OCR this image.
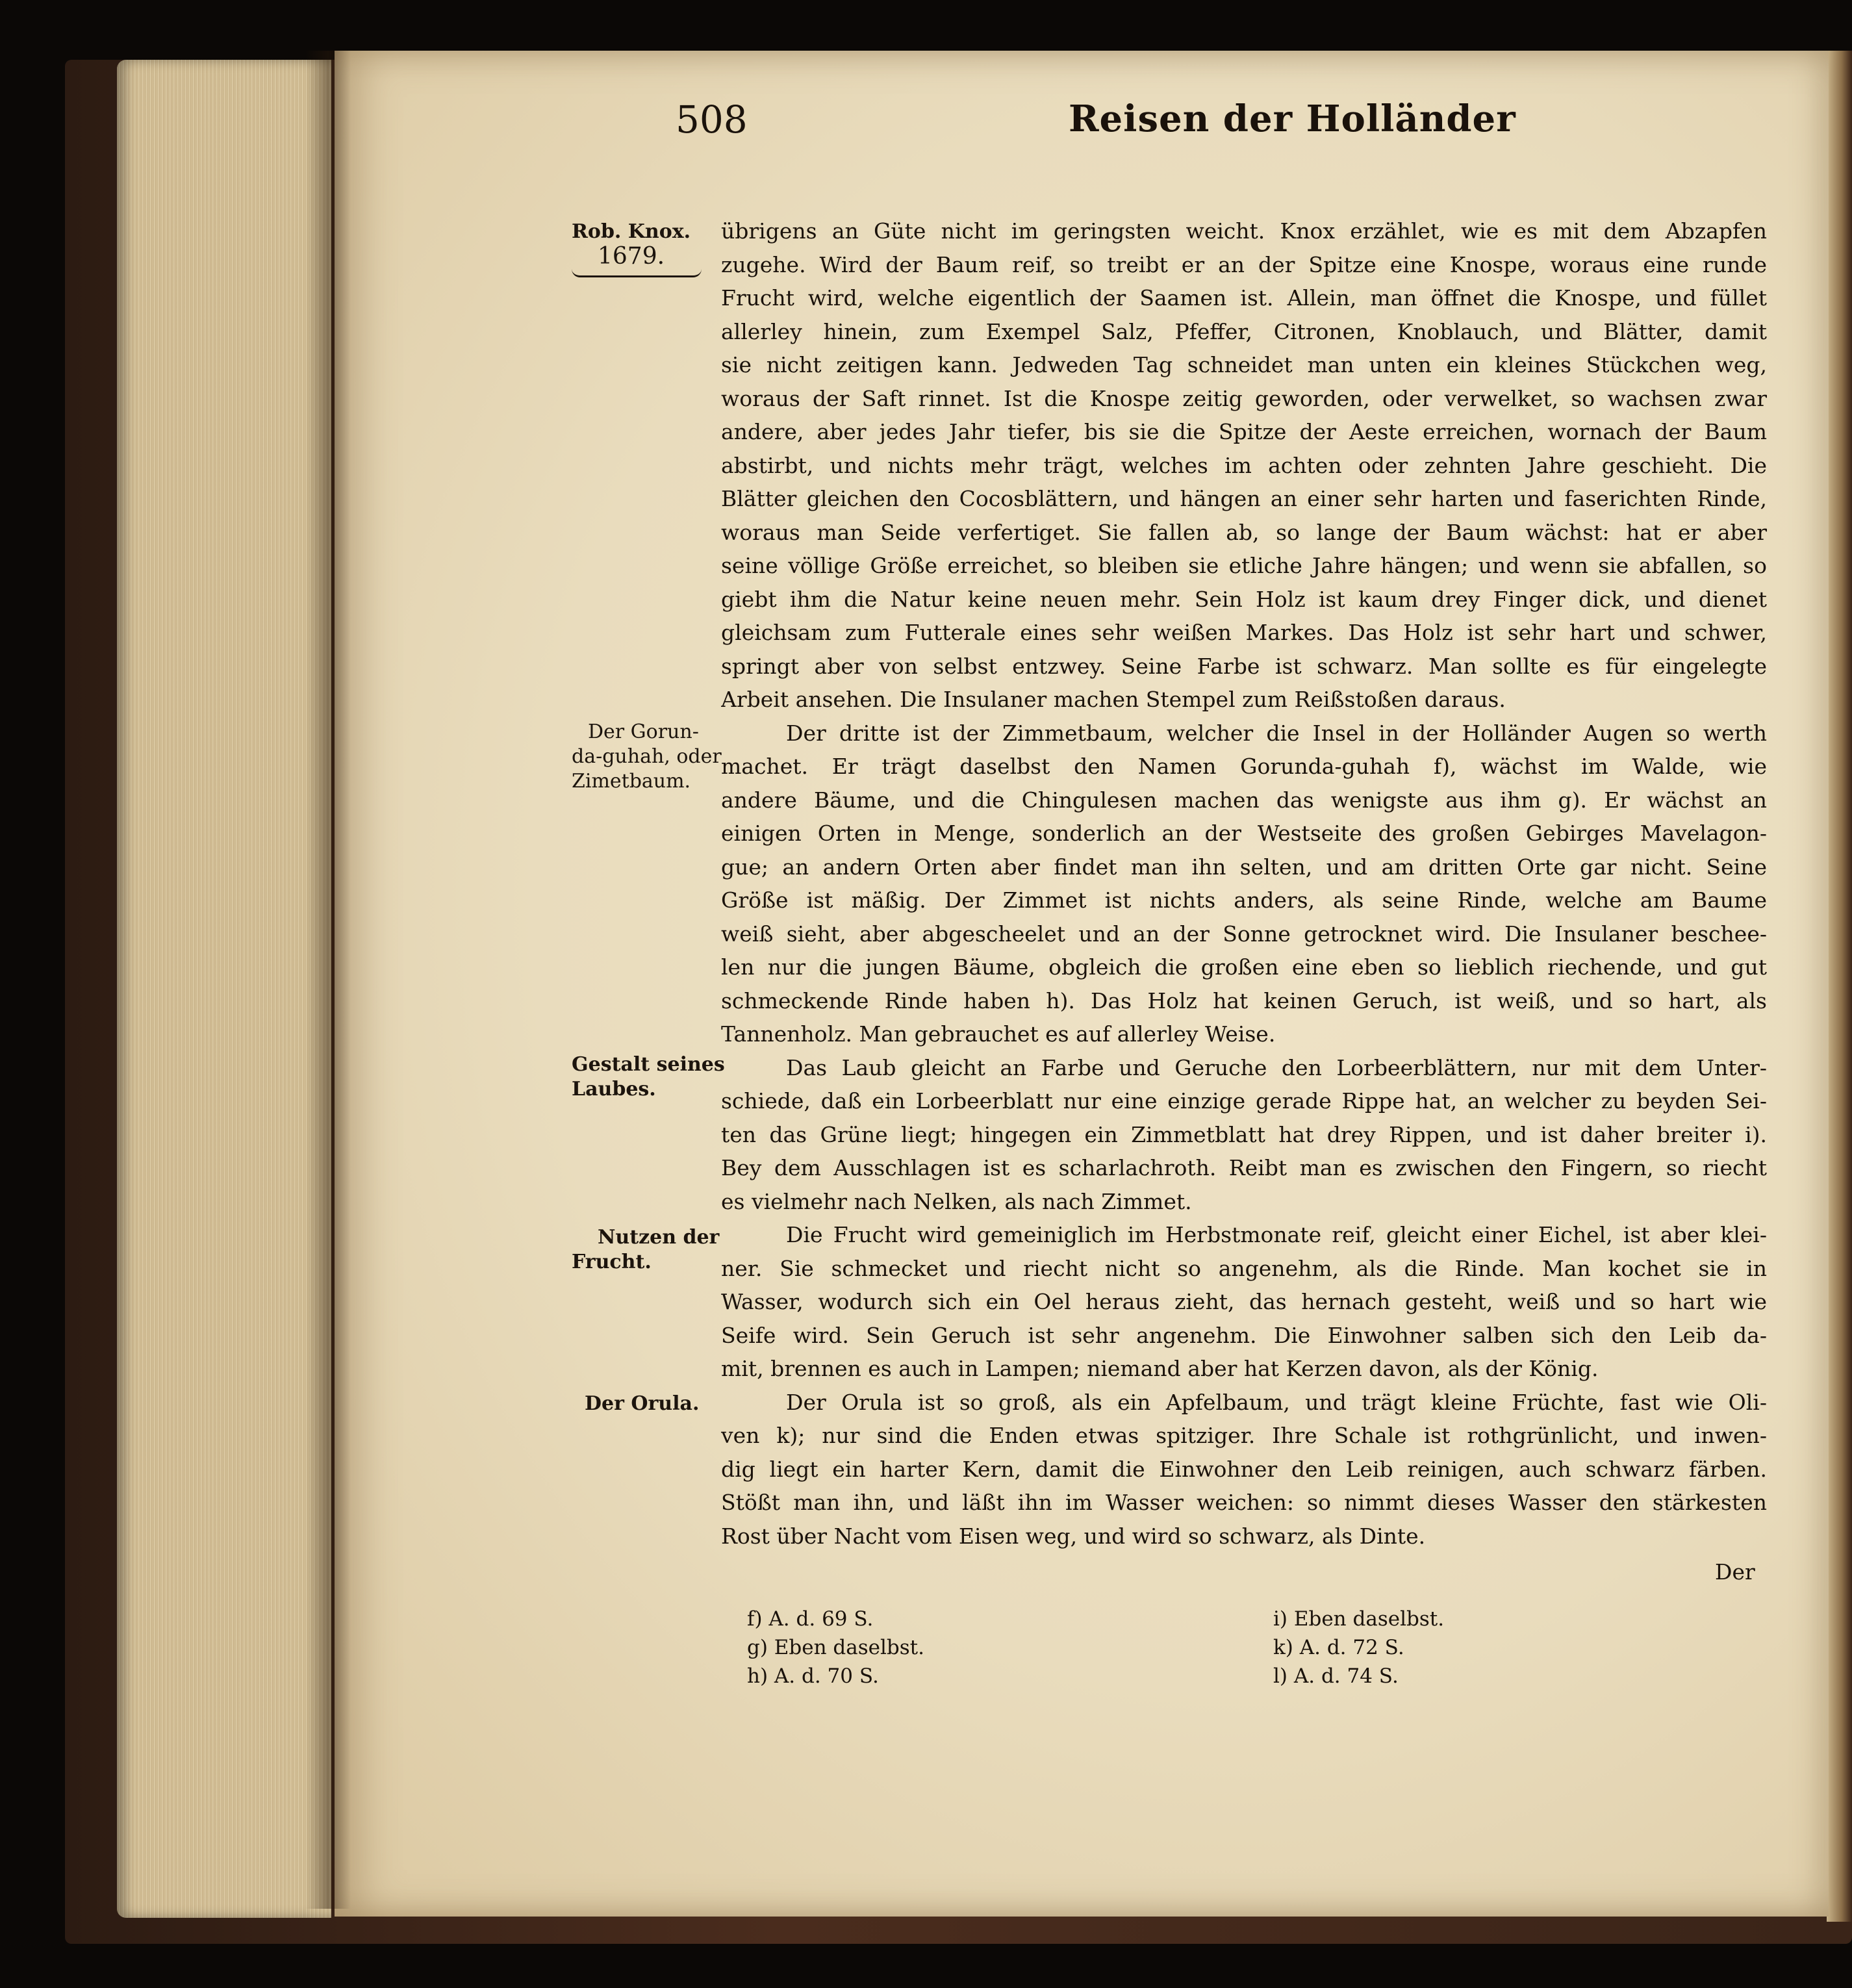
508	Reisen der Holländer
Rob. Knox.
1679.
Der Gorun-
da-guhah, oder
Zimetbaum.
Gestalt seines
Laubes.
Nutzen der
Frucht.
Der Orula.
übrigens an Güte nicht im geringsten weicht. Knox erzählet, wie es mit dem Abzapfen
zugehe. Wird der Baum reif, so treibt er an der Spitze eine Knospe, woraus eine runde
Frucht wird, welche eigentlich der Saamen ist. Allein, man öffnet die Knospe, und füllet
allerley hinein, zum Exempel Salz, Pfeffer, Citronen, Knoblauch, und Blätter, damit
sie nicht zeitigen kann. Jedweden Tag schneidet man unten ein kleines Stückchen weg,
woraus der Saft rinnet. Ist die Knospe zeitig geworden, oder verwelket, so wachsen zwar
andere, aber jedes Jahr tiefer, bis sie die Spitze der Aeste erreichen, wornach der Baum
abstirbt, und nichts mehr trägt, welches im achten oder zehnten Jahre geschieht. Die
Blätter gleichen den Cocosblättern, und hängen an einer sehr harten und faserichten Rinde,
woraus man Seide verfertiget. Sie fallen ab, so lange der Baum wächst: hat er aber
seine völlige Größe erreichet, so bleiben sie etliche Jahre hängen; und wenn sie abfallen, so
giebt ihm die Natur keine neuen mehr. Sein Holz ist kaum drey Finger dick, und dienet
gleichsam zum Futterale eines sehr weißen Markes. Das Holz ist sehr hart und schwer,
springt aber von selbst entzwey. Seine Farbe ist schwarz. Man sollte es für eingelegte
Arbeit ansehen. Die Insulaner machen Stempel zum Reißstoßen daraus.
Der dritte ist der Zimmetbaum, welcher die Insel in der Holländer Augen so werth
machet. Er trägt daselbst den Namen Gorunda-guhah f), wächst im Walde, wie
andere Bäume, und die Chingulesen machen das wenigste aus ihm g). Er wächst an
einigen Orten in Menge, sonderlich an der Westseite des großen Gebirges Mavelagon-
gue; an andern Orten aber findet man ihn selten, und am dritten Orte gar nicht. Seine
Größe ist mäßig. Der Zimmet ist nichts anders, als seine Rinde, welche am Baume
weiß sieht, aber abgescheelet und an der Sonne getrocknet wird. Die Insulaner beschee-
len nur die jungen Bäume, obgleich die großen eine eben so lieblich riechende, und gut
schmeckende Rinde haben h). Das Holz hat keinen Geruch, ist weiß, und so hart, als
Tannenholz. Man gebrauchet es auf allerley Weise.
Das Laub gleicht an Farbe und Geruche den Lorbeerblättern, nur mit dem Unter-
schiede, daß ein Lorbeerblatt nur eine einzige gerade Rippe hat, an welcher zu beyden Sei-
ten das Grüne liegt; hingegen ein Zimmetblatt hat drey Rippen, und ist daher breiter i).
Bey dem Ausschlagen ist es scharlachroth. Reibt man es zwischen den Fingern, so riecht
es vielmehr nach Nelken, als nach Zimmet.
Die Frucht wird gemeiniglich im Herbstmonate reif, gleicht einer Eichel, ist aber klei-
ner. Sie schmecket und riecht nicht so angenehm, als die Rinde. Man kochet sie in
Wasser, wodurch sich ein Oel heraus zieht, das hernach gesteht, weiß und so hart wie
Seife wird. Sein Geruch ist sehr angenehm. Die Einwohner salben sich den Leib da-
mit, brennen es auch in Lampen; niemand aber hat Kerzen davon, als der König.
Der Orula ist so groß, als ein Apfelbaum, und trägt kleine Früchte, fast wie Oli-
ven k); nur sind die Enden etwas spitziger. Ihre Schale ist rothgrünlicht, und inwen-
dig liegt ein harter Kern, damit die Einwohner den Leib reinigen, auch schwarz färben.
Stößt man ihn, und läßt ihn im Wasser weichen: so nimmt dieses Wasser den stärkesten
Rost über Nacht vom Eisen weg, und wird so schwarz, als Dinte.
Der
f) A. d. 69 S.
g) Eben daselbst.
h) A. d. 70 S.
i) Eben daselbst.
k) A. d. 72 S.
l) A. d. 74 S.
